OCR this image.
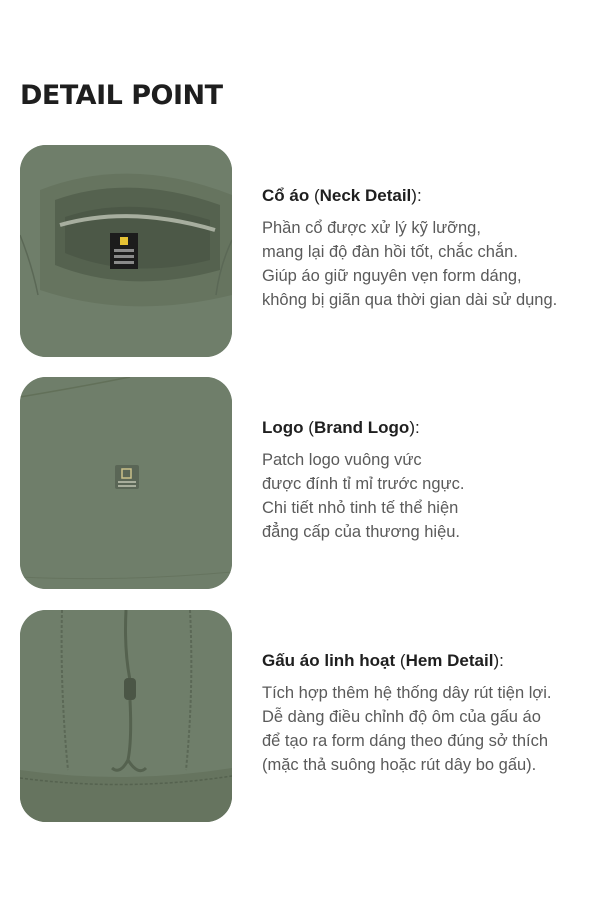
DETAIL POINT
Cổ áo (Neck Detail):

Phần cổ được xử lý kỹ lưỡng,

mang lại độ đàn hồi tốt, chắc chắn.

Giúp áo giữ nguyên vẹn form dáng,

không bị giãn qua thời gian dài sử dụng.

Logo (Brand Logo):

Patch logo vuông vức

được đính tỉ mỉ trước ngực.

Chi tiết nhỏ tinh tế thể hiện

đẳng cấp của thương hiệu.

Gấu áo linh hoạt (Hem Detail):

Tích hợp thêm hệ thống dây rút tiện lợi.

Dễ dàng điều chỉnh độ ôm của gấu áo

để tạo ra form dáng theo đúng sở thích

(mặc thả suông hoặc rút dây bo gấu).
